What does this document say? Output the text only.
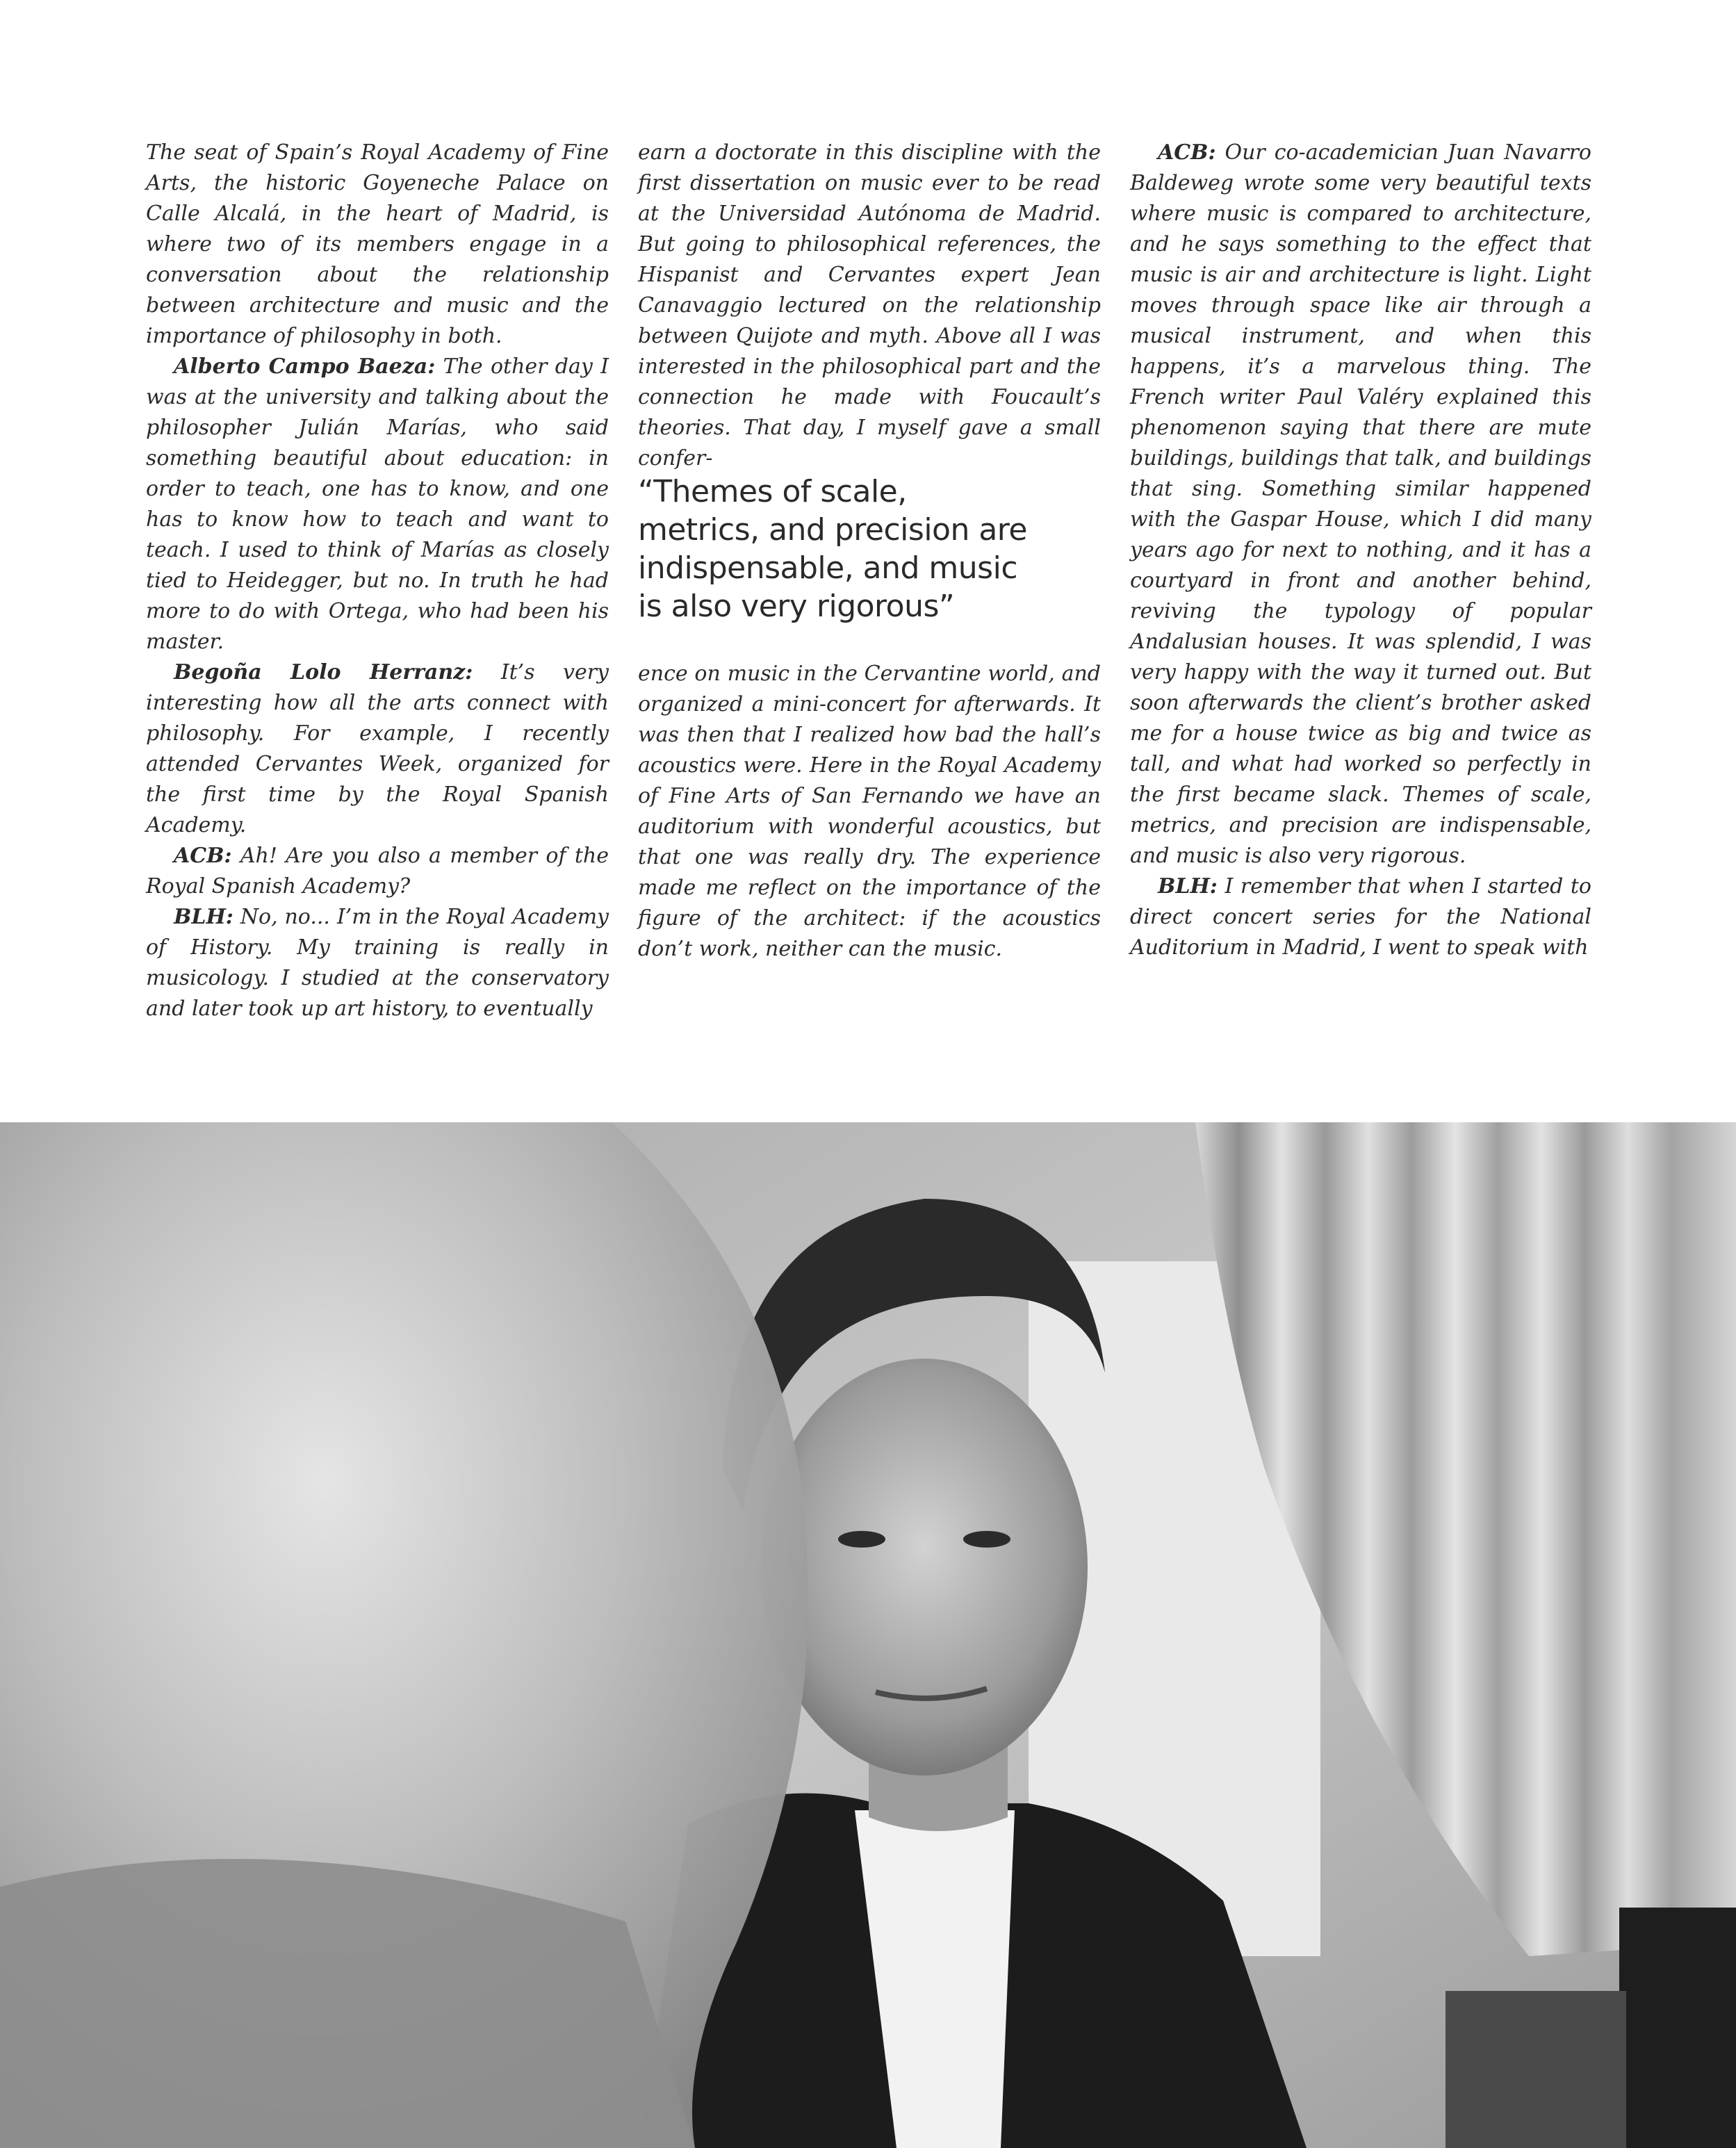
The seat of Spain’s Royal Academy of Fine Arts, the historic Goyeneche Palace on Calle Alcalá, in the heart of Madrid, is where two of its members engage in a conversation about the relationship between architecture and music and the importance of philosophy in both.

Alberto Campo Baeza: The other day I was at the university and talking about the philosopher Julián Marías, who said something beautiful about education: in order to teach, one has to know, and one has to know how to teach and want to teach. I used to think of Marías as closely tied to Heidegger, but no. In truth he had more to do with Ortega, who had been his master.

Begoña Lolo Herranz: It’s very interesting how all the arts connect with philosophy. For example, I recently attended Cervantes Week, organized for the first time by the Royal Spanish Academy.

ACB: Ah! Are you also a member of the Royal Spanish Academy?

BLH: No, no... I’m in the Royal Academy of History. My training is really in musicology. I studied at the conservatory and later took up art history, to eventually

earn a doctorate in this discipline with the first dissertation on music ever to be read at the Universidad Autónoma de Madrid. But going to philosophical references, the Hispanist and Cervantes expert Jean Canavaggio lectured on the relationship between Quijote and myth. Above all I was interested in the philosophical part and the connection he made with Foucault’s theories. That day, I myself gave a small confer-

“Themes of scale, metrics, and precision are indispensable, and music is also very rigorous”

ence on music in the Cervantine world, and organized a mini-concert for afterwards. It was then that I realized how bad the hall’s acoustics were. Here in the Royal Academy of Fine Arts of San Fernando we have an auditorium with wonderful acoustics, but that one was really dry. The experience made me reflect on the importance of the figure of the architect: if the acoustics don’t work, neither can the music.

ACB: Our co-academician Juan Navarro Baldeweg wrote some very beautiful texts where music is compared to architecture, and he says something to the effect that music is air and architecture is light. Light moves through space like air through a musical instrument, and when this happens, it’s a marvelous thing. The French writer Paul Valéry explained this phenomenon saying that there are mute buildings, buildings that talk, and buildings that sing. Something similar happened with the Gaspar House, which I did many years ago for next to nothing, and it has a courtyard in front and another behind, reviving the typology of popular Andalusian houses. It was splendid, I was very happy with the way it turned out. But soon afterwards the client’s brother asked me for a house twice as big and twice as tall, and what had worked so perfectly in the first became slack. Themes of scale, metrics, and precision are indispensable, and music is also very rigorous.

BLH: I remember that when I started to direct concert series for the National Auditorium in Madrid, I went to speak with
